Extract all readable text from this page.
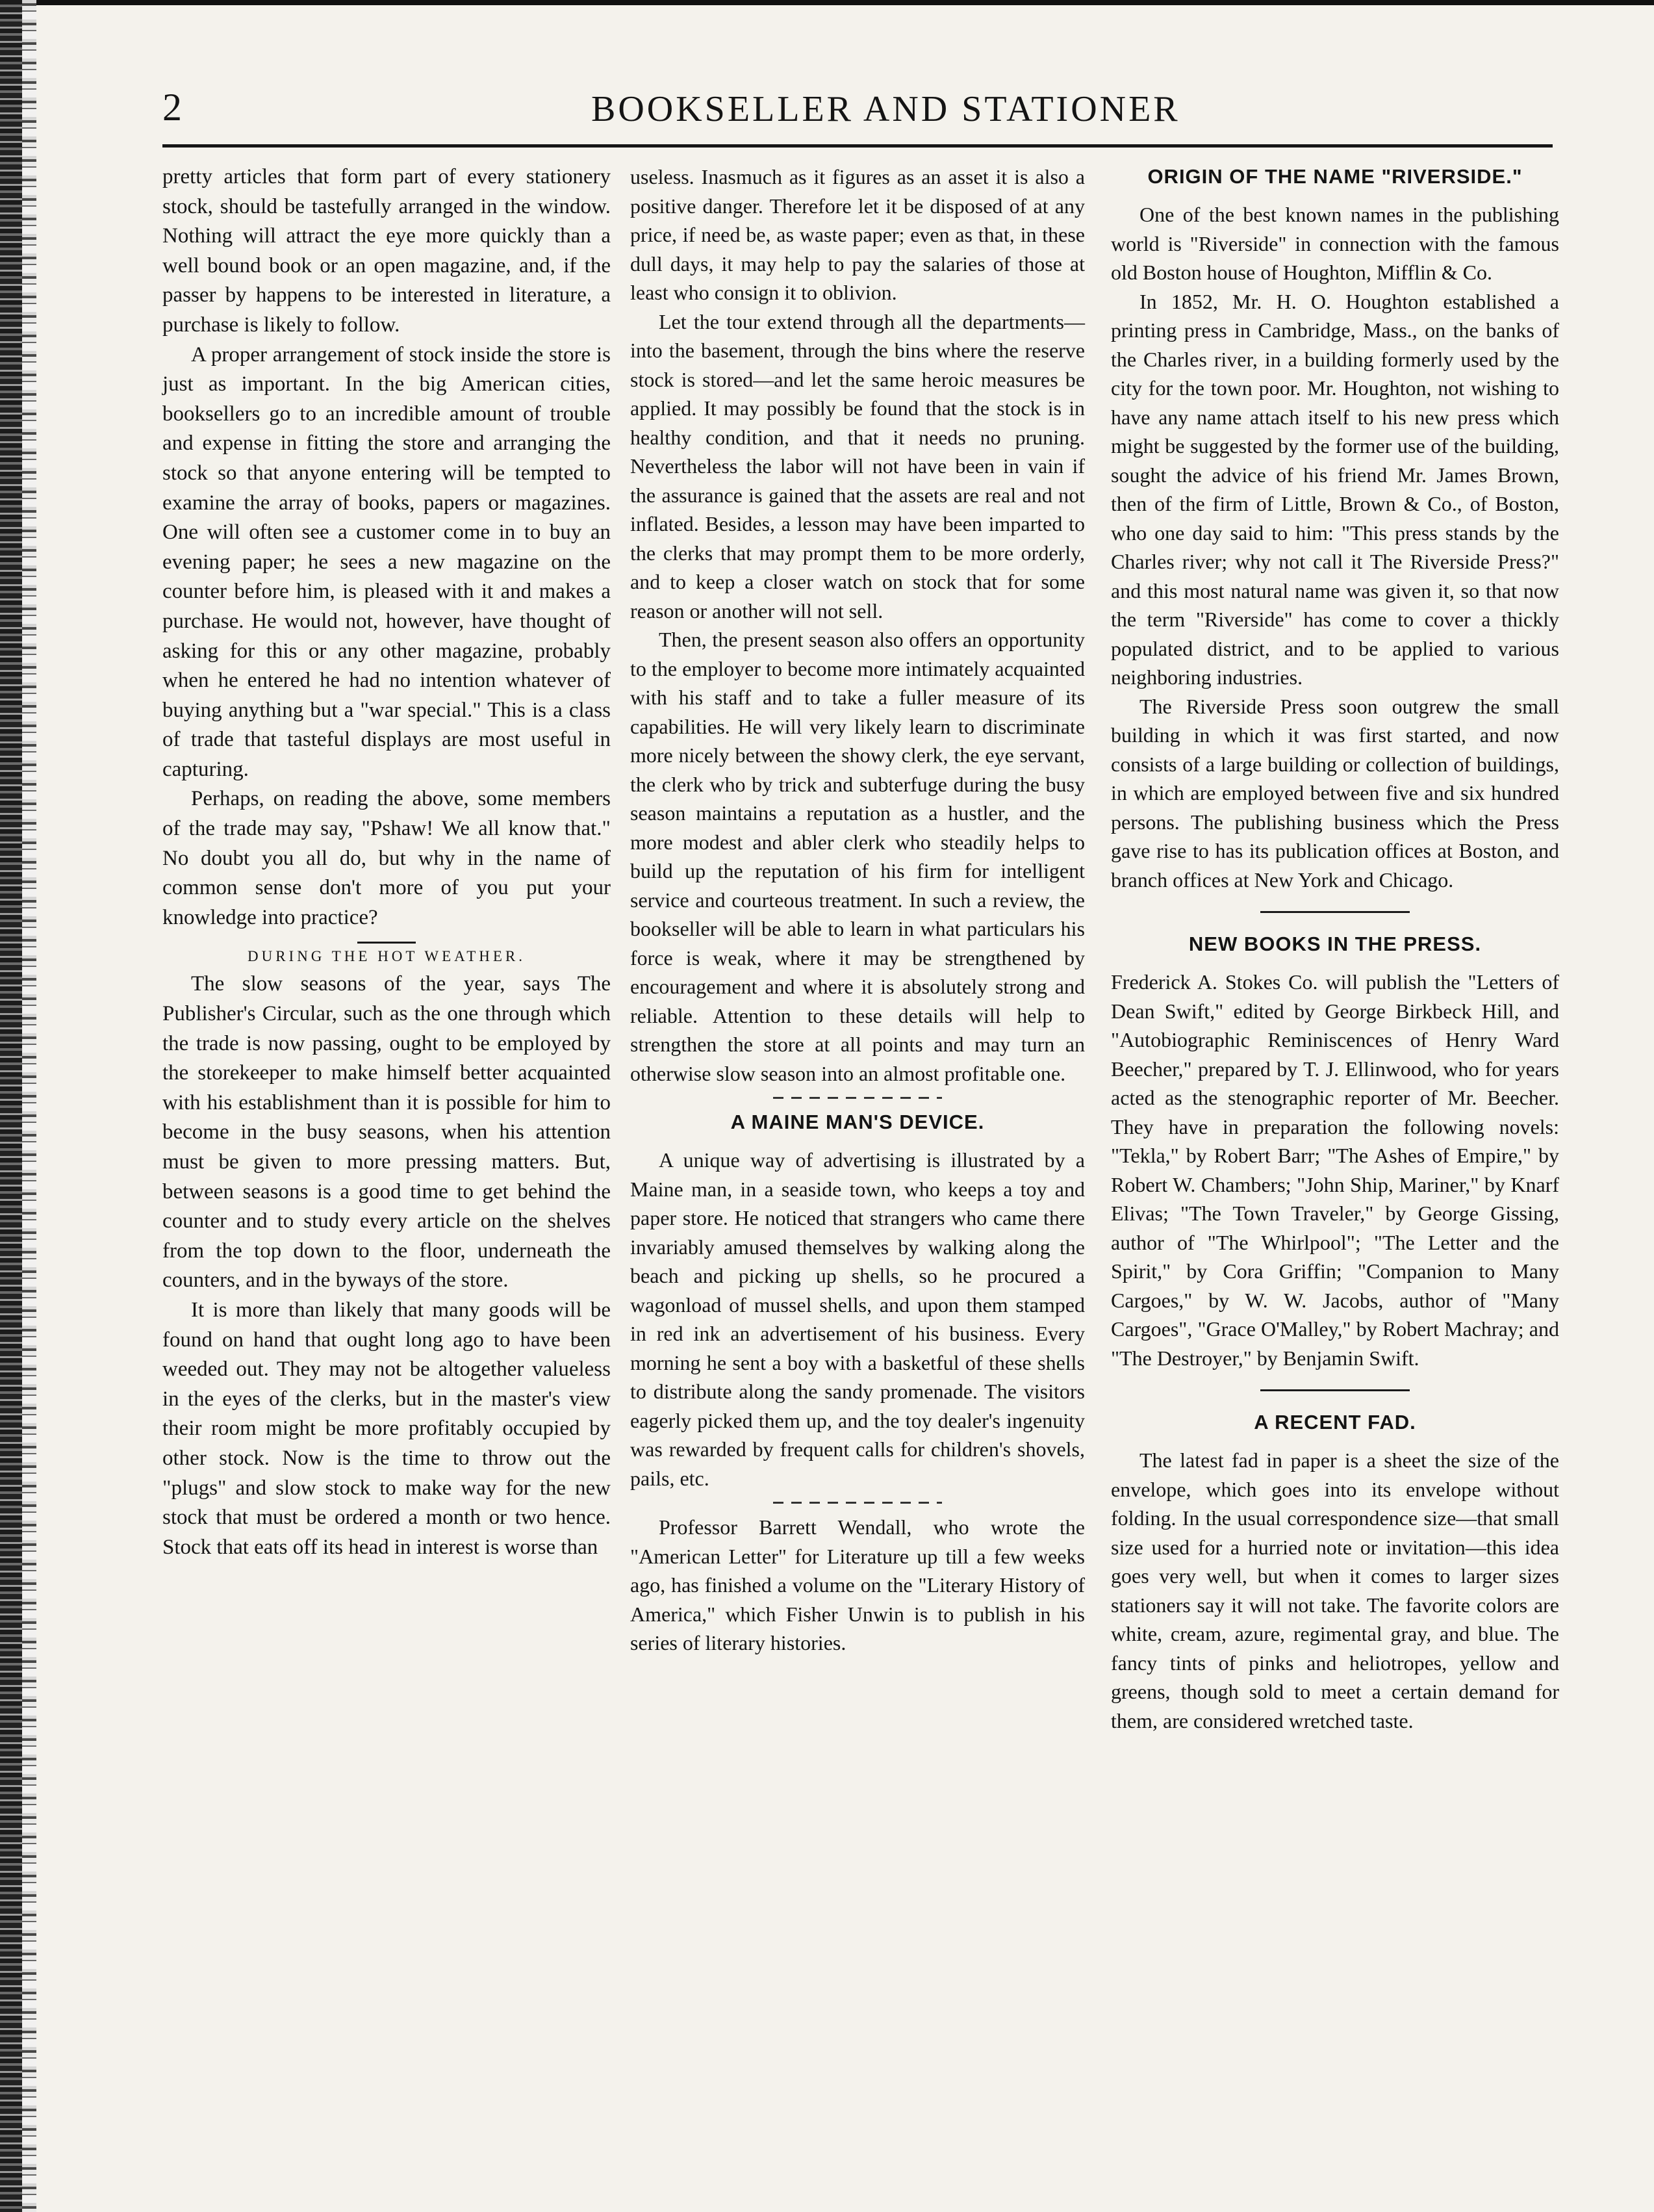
2	BOOKSELLER AND STATIONER

pretty articles that form part of every stationery stock, should be tastefully arranged in the window. Nothing will attract the eye more quickly than a well bound book or an open magazine, and, if the passer by happens to be interested in literature, a purchase is likely to follow.

A proper arrangement of stock inside the store is just as important. In the big American cities, booksellers go to an incredible amount of trouble and expense in fitting the store and arranging the stock so that anyone entering will be tempted to examine the array of books, papers or magazines. One will often see a customer come in to buy an evening paper; he sees a new magazine on the counter before him, is pleased with it and makes a purchase. He would not, however, have thought of asking for this or any other magazine, probably when he entered he had no intention whatever of buying anything but a "war special." This is a class of trade that tasteful displays are most useful in capturing.

Perhaps, on reading the above, some members of the trade may say, "Pshaw! We all know that." No doubt you all do, but why in the name of common sense don't more of you put your knowledge into practice?

DURING THE HOT WEATHER.

The slow seasons of the year, says The Publisher's Circular, such as the one through which the trade is now passing, ought to be employed by the storekeeper to make himself better acquainted with his establishment than it is possible for him to become in the busy seasons, when his attention must be given to more pressing matters. But, between seasons is a good time to get behind the counter and to study every article on the shelves from the top down to the floor, underneath the counters, and in the byways of the store.

It is more than likely that many goods will be found on hand that ought long ago to have been weeded out. They may not be altogether valueless in the eyes of the clerks, but in the master's view their room might be more profitably occupied by other stock. Now is the time to throw out the "plugs" and slow stock to make way for the new stock that must be ordered a month or two hence. Stock that eats off its head in interest is worse than

useless. Inasmuch as it figures as an asset it is also a positive danger. Therefore let it be disposed of at any price, if need be, as waste paper; even as that, in these dull days, it may help to pay the salaries of those at least who consign it to oblivion.

Let the tour extend through all the departments—into the basement, through the bins where the reserve stock is stored—and let the same heroic measures be applied. It may possibly be found that the stock is in healthy condition, and that it needs no pruning. Nevertheless the labor will not have been in vain if the assurance is gained that the assets are real and not inflated. Besides, a lesson may have been imparted to the clerks that may prompt them to be more orderly, and to keep a closer watch on stock that for some reason or another will not sell.

Then, the present season also offers an opportunity to the employer to become more intimately acquainted with his staff and to take a fuller measure of its capabilities. He will very likely learn to discriminate more nicely between the showy clerk, the eye servant, the clerk who by trick and subterfuge during the busy season maintains a reputation as a hustler, and the more modest and abler clerk who steadily helps to build up the reputation of his firm for intelligent service and courteous treatment. In such a review, the bookseller will be able to learn in what particulars his force is weak, where it may be strengthened by encouragement and where it is absolutely strong and reliable. Attention to these details will help to strengthen the store at all points and may turn an otherwise slow season into an almost profitable one.

A MAINE MAN'S DEVICE.

A unique way of advertising is illustrated by a Maine man, in a seaside town, who keeps a toy and paper store. He noticed that strangers who came there invariably amused themselves by walking along the beach and picking up shells, so he procured a wagonload of mussel shells, and upon them stamped in red ink an advertisement of his business. Every morning he sent a boy with a basketful of these shells to distribute along the sandy promenade. The visitors eagerly picked them up, and the toy dealer's ingenuity was rewarded by frequent calls for children's shovels, pails, etc.

Professor Barrett Wendall, who wrote the "American Letter" for Literature up till a few weeks ago, has finished a volume on the "Literary History of America," which Fisher Unwin is to publish in his series of literary histories.

ORIGIN OF THE NAME "RIVERSIDE."

One of the best known names in the publishing world is "Riverside" in connection with the famous old Boston house of Houghton, Mifflin & Co.

In 1852, Mr. H. O. Houghton established a printing press in Cambridge, Mass., on the banks of the Charles river, in a building formerly used by the city for the town poor. Mr. Houghton, not wishing to have any name attach itself to his new press which might be suggested by the former use of the building, sought the advice of his friend Mr. James Brown, then of the firm of Little, Brown & Co., of Boston, who one day said to him: "This press stands by the Charles river; why not call it The Riverside Press?" and this most natural name was given it, so that now the term "Riverside" has come to cover a thickly populated district, and to be applied to various neighboring industries.

The Riverside Press soon outgrew the small building in which it was first started, and now consists of a large building or collection of buildings, in which are employed between five and six hundred persons. The publishing business which the Press gave rise to has its publication offices at Boston, and branch offices at New York and Chicago.

NEW BOOKS IN THE PRESS.

Frederick A. Stokes Co. will publish the "Letters of Dean Swift," edited by George Birkbeck Hill, and "Autobiographic Reminiscences of Henry Ward Beecher," prepared by T. J. Ellinwood, who for years acted as the stenographic reporter of Mr. Beecher. They have in preparation the following novels: "Tekla," by Robert Barr; "The Ashes of Empire," by Robert W. Chambers; "John Ship, Mariner," by Knarf Elivas; "The Town Traveler," by George Gissing, author of "The Whirlpool"; "The Letter and the Spirit," by Cora Griffin; "Companion to Many Cargoes," by W. W. Jacobs, author of "Many Cargoes", "Grace O'Malley," by Robert Machray; and "The Destroyer," by Benjamin Swift.

A RECENT FAD.

The latest fad in paper is a sheet the size of the envelope, which goes into its envelope without folding. In the usual correspondence size—that small size used for a hurried note or invitation—this idea goes very well, but when it comes to larger sizes stationers say it will not take. The favorite colors are white, cream, azure, regimental gray, and blue. The fancy tints of pinks and heliotropes, yellow and greens, though sold to meet a certain demand for them, are considered wretched taste.
